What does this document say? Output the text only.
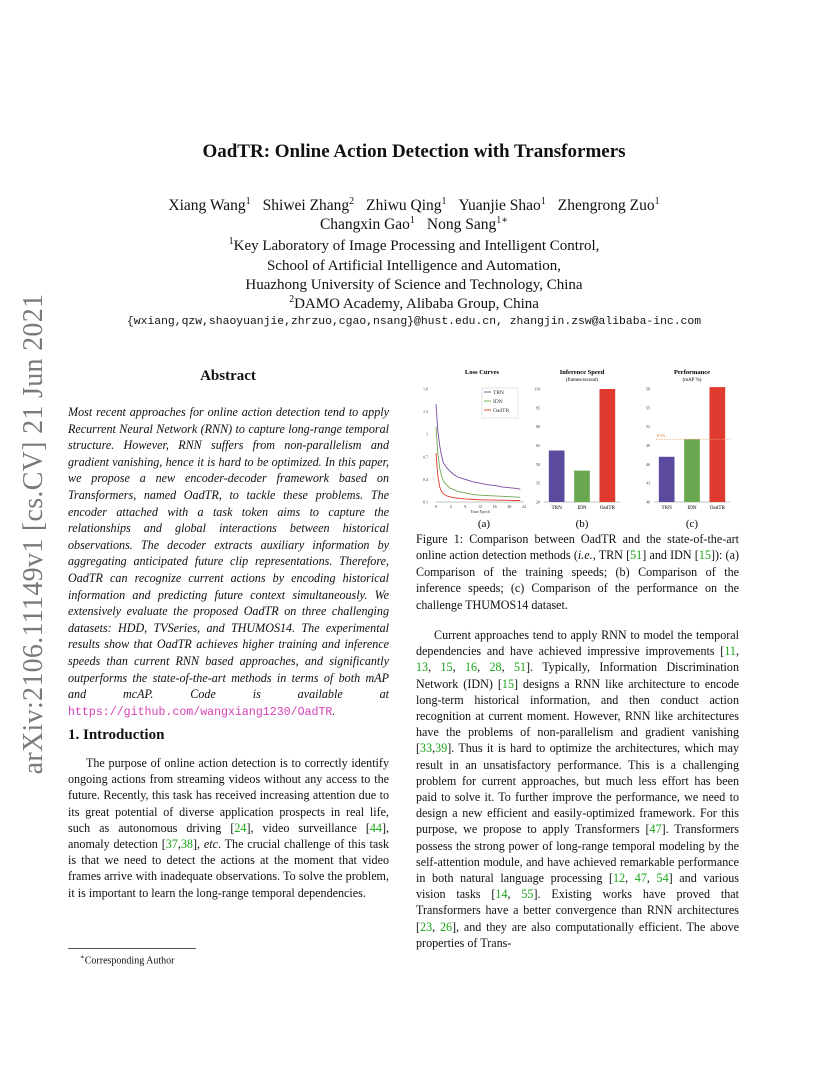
arXiv:2106.11149v1 [cs.CV] 21 Jun 2021
OadTR: Online Action Detection with Transformers
Xiang Wang$^1$ Shiwei Zhang$^2$ Zhiwu Qing$^1$ Yuanjie Shao$^1$ Zhengrong Zuo$^1$
Changxin Gao$^1$ Nong Sang$^{1∗}$
$^1$Key Laboratory of Image Processing and Intelligent Control,
School of Artificial Intelligence and Automation,
Huazhong University of Science and Technology, China
$^2$DAMO Academy, Alibaba Group, China
{wxiang,qzw,shaoyuanjie,zhrzuo,cgao,nsang}@hust.edu.cn, zhangjin.zsw@alibaba-inc.com
Abstract
Most recent approaches for online action detection tend to apply Recurrent Neural Network (RNN) to capture long-range temporal structure. However, RNN suffers from non-parallelism and gradient vanishing, hence it is hard to be optimized. In this paper, we propose a new encoder-decoder framework based on Transformers, named OadTR, to tackle these problems. The encoder attached with a task token aims to capture the relationships and global interactions between historical observations. The decoder extracts auxiliary information by aggregating anticipated future clip representations. Therefore, OadTR can recognize current actions by encoding historical information and predicting future context simultaneously. We extensively evaluate the proposed OadTR on three challenging datasets: HDD, TVSeries, and THUMOS14. The experimental results show that OadTR achieves higher training and inference speeds than current RNN based approaches, and significantly outperforms the state-of-the-art methods in terms of both mAP and mcAP. Code is available at https://github.com/wangxiang1230/OadTR.
1. Introduction

The purpose of online action detection is to correctly identify ongoing actions from streaming videos without any access to the future. Recently, this task has received increasing attention due to its great potential of diverse application prospects in real life, such as autonomous driving [24], video surveillance [44], anomaly detection [37,38], etc. The crucial challenge of this task is that we need to detect the actions at the moment that video frames arrive with inadequate observations. To solve the problem, it is important to learn the long-range temporal dependencies.

∗Corresponding Author
Loss Curves
0.1
0.4
0.7
1
1.3
1.6
0	4	8	12	16	20	24
Time Epoch
TRN
IDN
OadTR
(a)
Inference Speed
(frames/second)
20
35
50
65
80
95
110
TRN	IDN	OadTR
(b)
Performance
(mAP %)
40
43
46
49
52
55
58
TRN	IDN	OadTR
8.3%
(c)
Figure 1: Comparison between OadTR and the state-of-the-art online action detection methods (i.e., TRN [51] and IDN [15]): (a) Comparison of the training speeds; (b) Comparison of the inference speeds; (c) Comparison of the performance on the challenge THUMOS14 dataset.

Current approaches tend to apply RNN to model the temporal dependencies and have achieved impressive improvements [11, 13, 15, 16, 28, 51]. Typically, Information Discrimination Network (IDN) [15] designs a RNN like architecture to encode long-term historical information, and then conduct action recognition at current moment. However, RNN like architectures have the problems of non-parallelism and gradient vanishing [33,39]. Thus it is hard to optimize the architectures, which may result in an unsatisfactory performance. This is a challenging problem for current approaches, but much less effort has been paid to solve it. To further improve the performance, we need to design a new efficient and easily-optimized framework. For this purpose, we propose to apply Transformers [47]. Transformers possess the strong power of long-range temporal modeling by the self-attention module, and have achieved remarkable performance in both natural language processing [12, 47, 54] and various vision tasks [14, 55]. Existing works have proved that Transformers have a better convergence than RNN architectures [23, 26], and they are also computationally efficient. The above properties of Trans-
